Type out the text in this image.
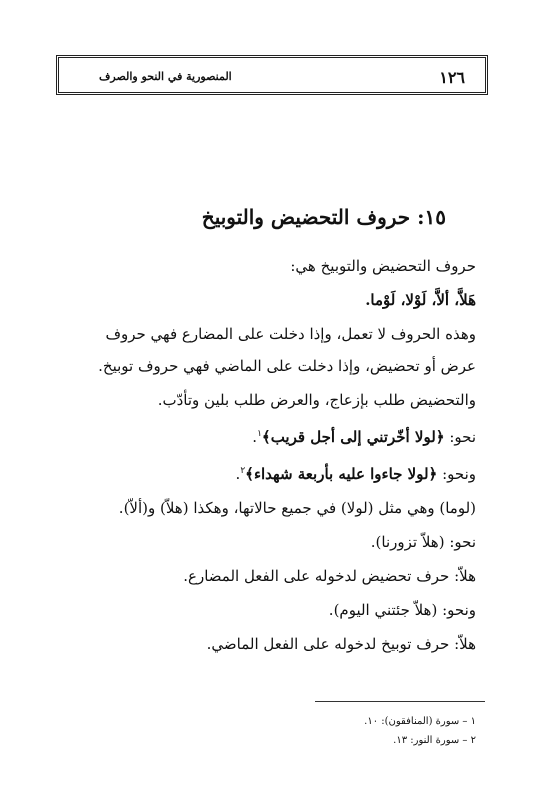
١٢٦
المنصورية في النحو والصرف
١٥: حروف التحضيض والتوبيخ

حروف التحضيض والتوبيخ هي:

هَلاَّ، ألاَّ، لَوْلا، لَوْما.

وهذه الحروف لا تعمل، وإذا دخلت على المضارع فهي حروف

عرض أو تحضيض، وإذا دخلت على الماضي فهي حروف توبيخ.

والتحضيض طلب بإزعاج، والعرض طلب بلين وتأدّب.

نحو: ﴿لولا أخّرتني إلى أجل قريب﴾$^١$.

ونحو: ﴿لولا جاءوا عليه بأربعة شهداء﴾$^٢$.

(لوما) وهي مثل (لولا) في جميع حالاتها، وهكذا (هلاّ) و(ألاّ).

نحو: (هلاّ تزورنا).

هلاّ: حرف تحضيض لدخوله على الفعل المضارع.

ونحو: (هلاّ جئتني اليوم).

هلاّ: حرف توبيخ لدخوله على الفعل الماضي.

١ – سورة (المنافقون): ١٠.
٢ – سورة النور: ١٣.
